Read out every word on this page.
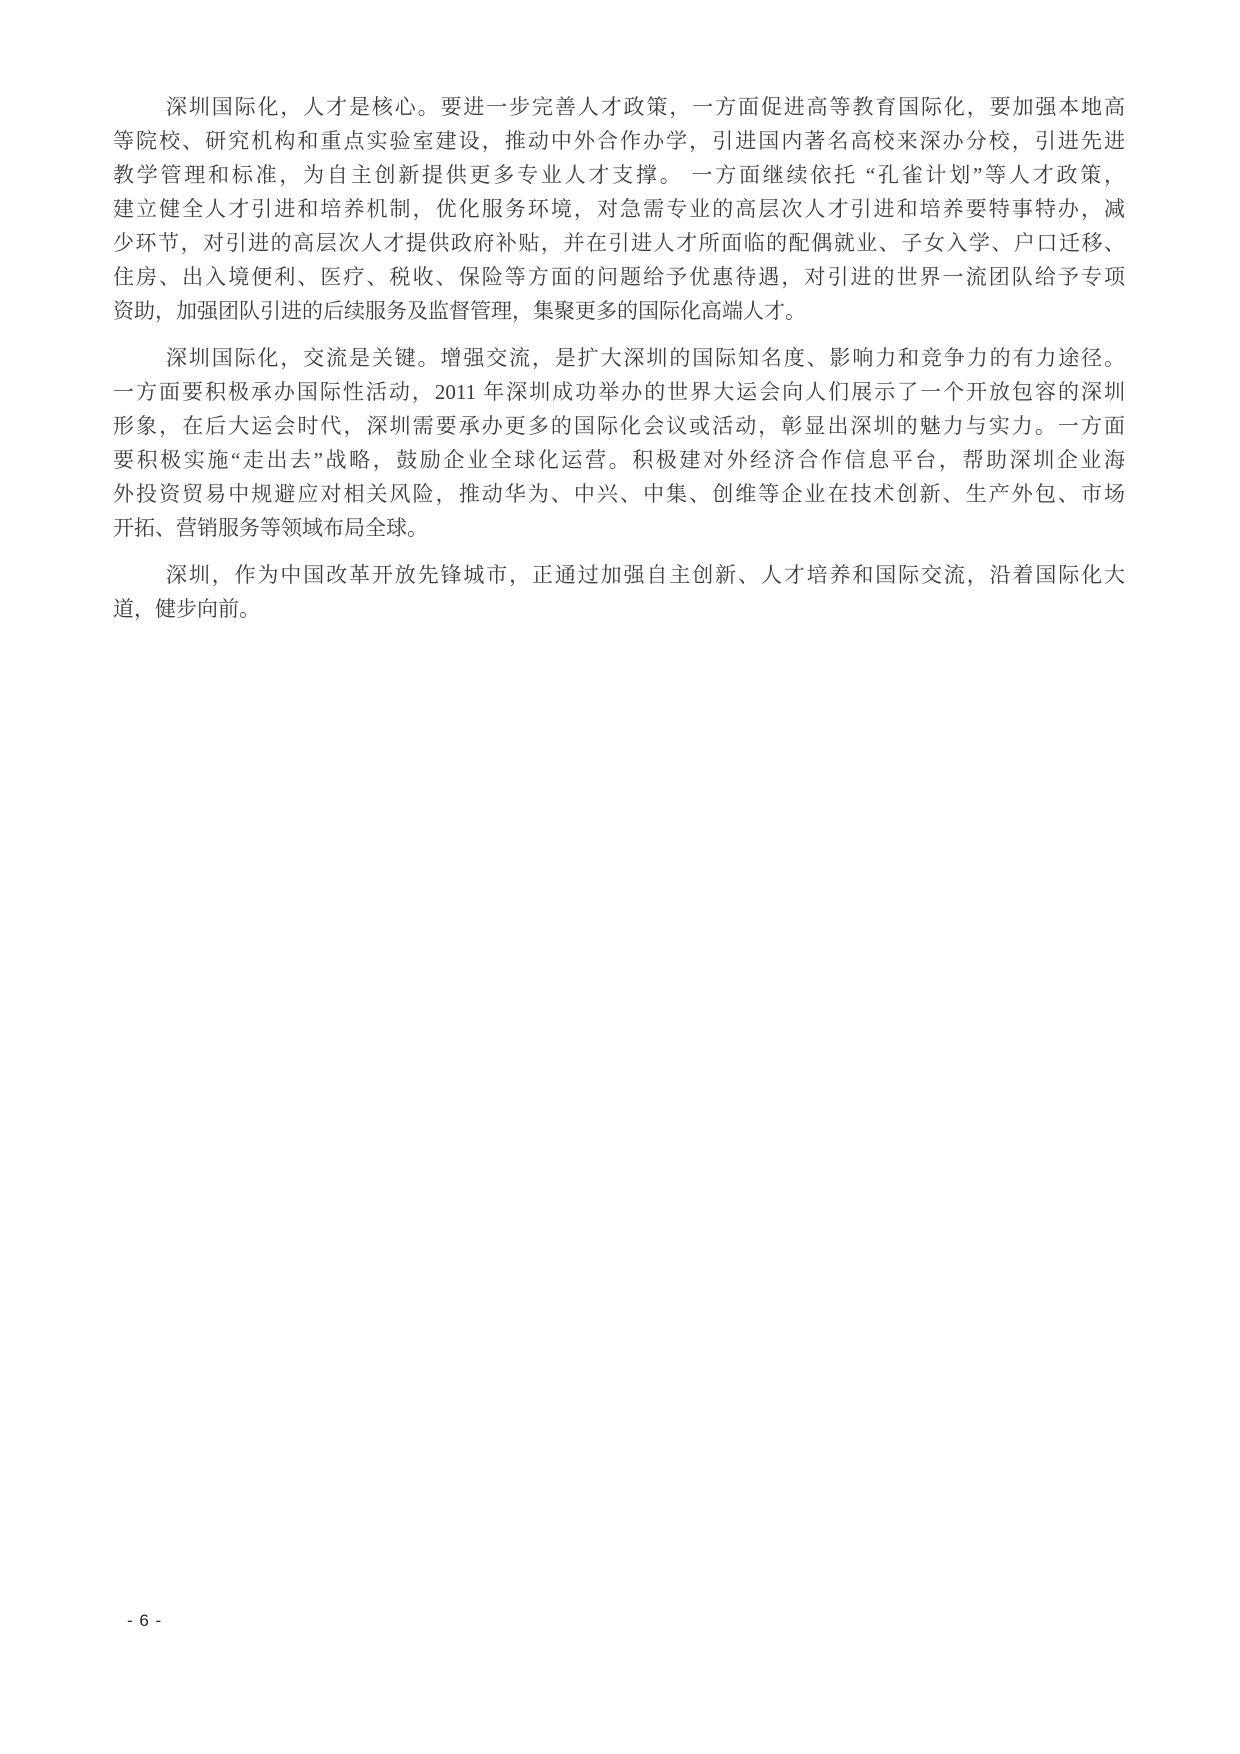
深圳国际化，人才是核心。要进一步完善人才政策，一方面促进高等教育国际化，要加强本地高
等院校、研究机构和重点实验室建设，推动中外合作办学，引进国内著名高校来深办分校，引进先进
教学管理和标准，为自主创新提供更多专业人才支撑。 一方面继续依托 “孔雀计划”等人才政策，
建立健全人才引进和培养机制，优化服务环境，对急需专业的高层次人才引进和培养要特事特办，减
少环节，对引进的高层次人才提供政府补贴，并在引进人才所面临的配偶就业、子女入学、户口迁移、
住房、出入境便利、医疗、税收、保险等方面的问题给予优惠待遇，对引进的世界一流团队给予专项
资助，加强团队引进的后续服务及监督管理，集聚更多的国际化高端人才。
深圳国际化，交流是关键。增强交流，是扩大深圳的国际知名度、影响力和竞争力的有力途径。
一方面要积极承办国际性活动，2011 年深圳成功举办的世界大运会向人们展示了一个开放包容的深圳
形象，在后大运会时代，深圳需要承办更多的国际化会议或活动，彰显出深圳的魅力与实力。一方面
要积极实施“走出去”战略，鼓励企业全球化运营。积极建对外经济合作信息平台，帮助深圳企业海
外投资贸易中规避应对相关风险，推动华为、中兴、中集、创维等企业在技术创新、生产外包、市场
开拓、营销服务等领域布局全球。
深圳，作为中国改革开放先锋城市，正通过加强自主创新、人才培养和国际交流，沿着国际化大
道，健步向前。
- 6 -
